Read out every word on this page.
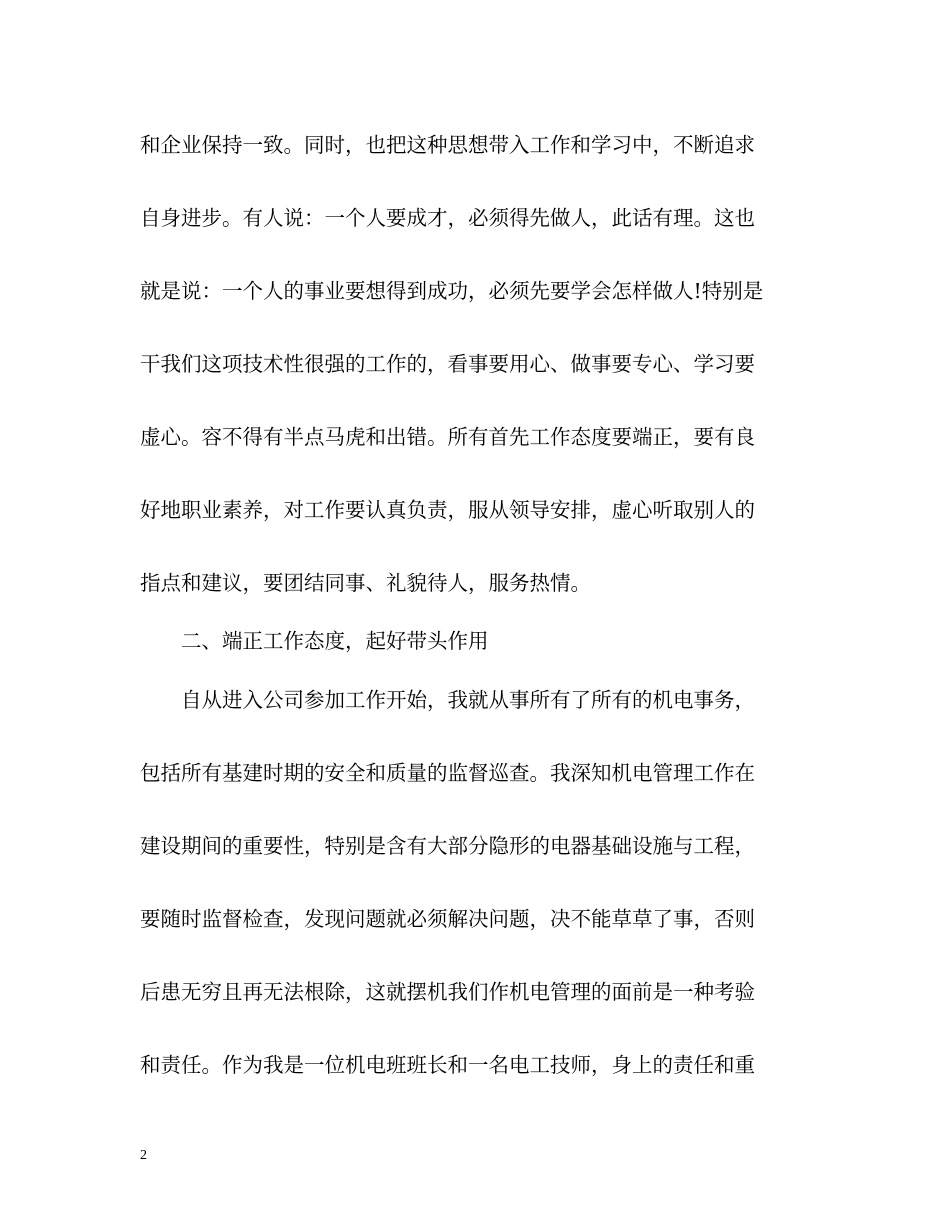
和企业保持一致。同时，也把这种思想带入工作和学习中，不断追求
自身进步。有人说：一个人要成才，必须得先做人，此话有理。这也
就是说：一个人的事业要想得到成功，必须先要学会怎样做人!特别是
干我们这项技术性很强的工作的，看事要用心、做事要专心、学习要
虚心。容不得有半点马虎和出错。所有首先工作态度要端正，要有良
好地职业素养，对工作要认真负责，服从领导安排，虚心听取别人的
指点和建议，要团结同事、礼貌待人，服务热情。
　　二、端正工作态度，起好带头作用
　　自从进入公司参加工作开始，我就从事所有了所有的机电事务，
包括所有基建时期的安全和质量的监督巡查。我深知机电管理工作在
建设期间的重要性，特别是含有大部分隐形的电器基础设施与工程，
要随时监督检查，发现问题就必须解决问题，决不能草草了事，否则
后患无穷且再无法根除，这就摆机我们作机电管理的面前是一种考验
和责任。作为我是一位机电班班长和一名电工技师，身上的责任和重
2
